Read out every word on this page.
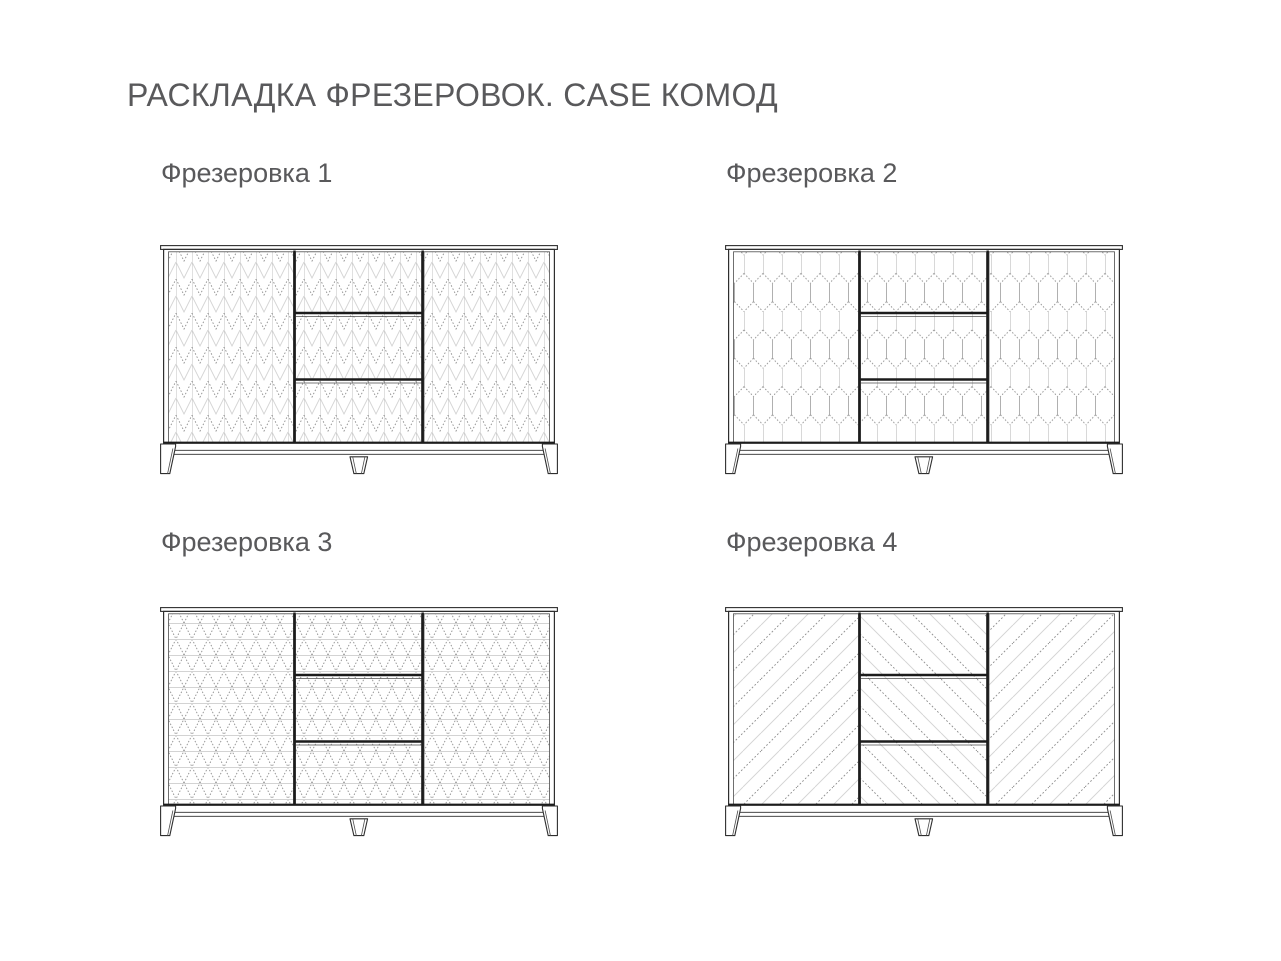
РАСКЛАДКА ФРЕЗЕРОВОК. CASE КОМОД
Фрезеровка 1	Фрезеровка 2
Фрезеровка 3	Фрезеровка 4
